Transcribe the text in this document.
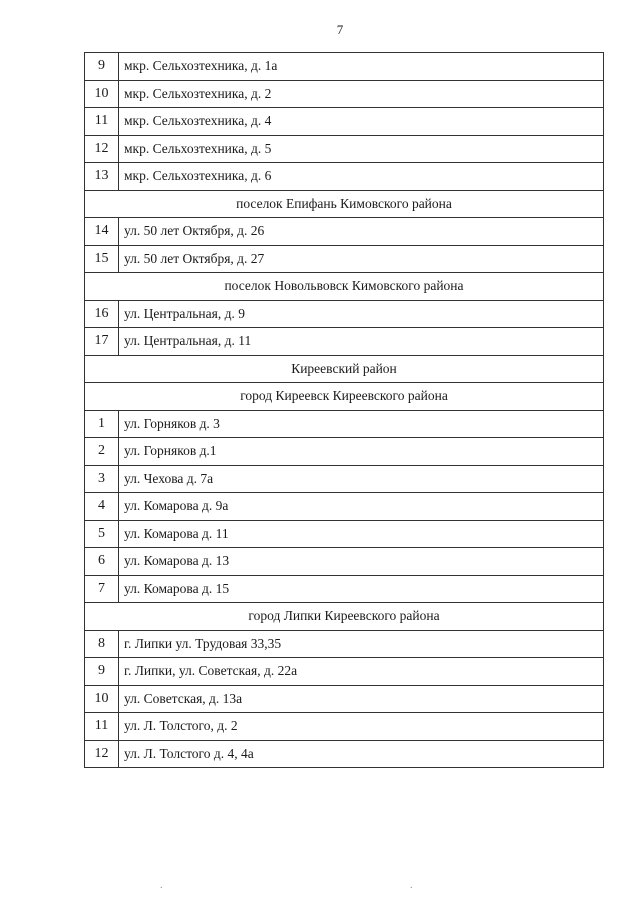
7
9	мкр. Сельхозтехника, д. 1а
10	мкр. Сельхозтехника, д. 2
11	мкр. Сельхозтехника, д. 4
12	мкр. Сельхозтехника, д. 5
13	мкр. Сельхозтехника, д. 6
поселок Епифань Кимовского района
14	ул. 50 лет Октября, д. 26
15	ул. 50 лет Октября, д. 27
поселок Новольвовск Кимовского района
16	ул. Центральная, д. 9
17	ул. Центральная, д. 11
Киреевский район
город Киреевск Киреевского района
1	ул. Горняков д. 3
2	ул. Горняков д.1
3	ул. Чехова д. 7а
4	ул. Комарова д. 9а
5	ул. Комарова д. 11
6	ул. Комарова д. 13
7	ул. Комарова д. 15
город Липки Киреевского района
8	г. Липки ул. Трудовая 33,35
9	г. Липки, ул. Советская, д. 22а
10	ул. Советская, д. 13а
11	ул. Л. Толстого, д. 2
12	ул. Л. Толстого д. 4, 4а
.	.
